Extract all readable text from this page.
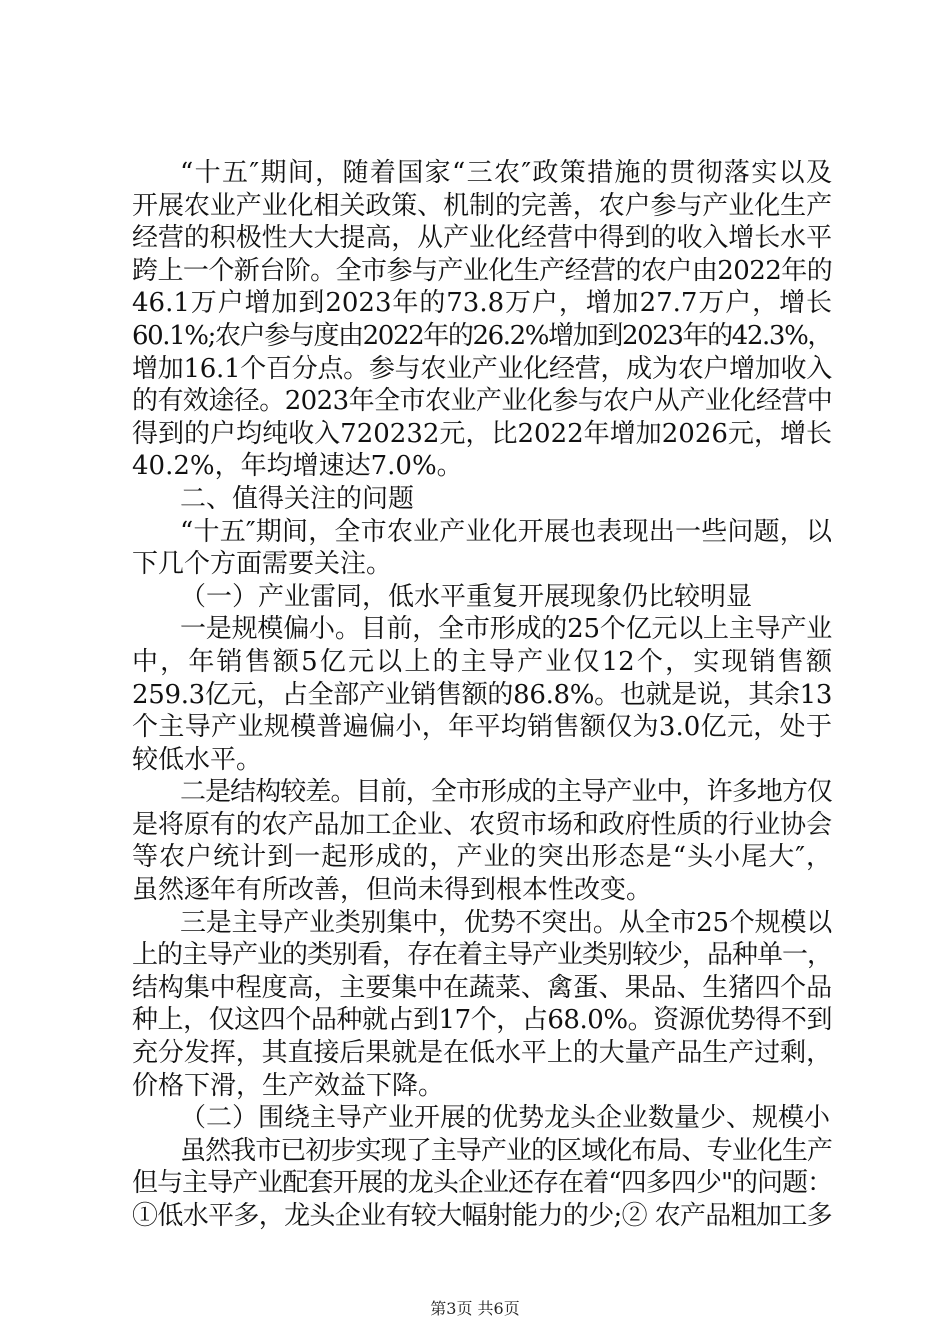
“十五″期间，随着国家“三农″政策措施的贯彻落实以及
开展农业产业化相关政策、机制的完善，农户参与产业化生产
经营的积极性大大提高，从产业化经营中得到的收入增长水平
跨上一个新台阶。全市参与产业化生产经营的农户由2022年的
46.1万户增加到2023年的73.8万户，增加27.7万户，增长
60.1%;农户参与度由2022年的26.2%增加到2023年的42.3%，
增加16.1个百分点。参与农业产业化经营，成为农户增加收入
的有效途径。2023年全市农业产业化参与农户从产业化经营中
得到的户均纯收入720232元，比2022年增加2026元，增长
40.2%，年均增速达7.0%。
二、值得关注的问题
“十五″期间，全市农业产业化开展也表现出一些问题，以
下几个方面需要关注。
（一）产业雷同，低水平重复开展现象仍比较明显
一是规模偏小。目前，全市形成的25个亿元以上主导产业
中，年销售额5亿元以上的主导产业仅12个，实现销售额
259.3亿元，占全部产业销售额的86.8%。也就是说，其余13
个主导产业规模普遍偏小，年平均销售额仅为3.0亿元，处于
较低水平。
二是结构较差。目前，全市形成的主导产业中，许多地方仅
是将原有的农产品加工企业、农贸市场和政府性质的行业协会
等农户统计到一起形成的，产业的突出形态是“头小尾大″，
虽然逐年有所改善，但尚未得到根本性改变。
三是主导产业类别集中，优势不突出。从全市25个规模以
上的主导产业的类别看，存在着主导产业类别较少，品种单一，
结构集中程度高，主要集中在蔬菜、禽蛋、果品、生猪四个品
种上，仅这四个品种就占到17个，占68.0%。资源优势得不到
充分发挥，其直接后果就是在低水平上的大量产品生产过剩，
价格下滑，生产效益下降。
（二）围绕主导产业开展的优势龙头企业数量少、规模小
虽然我市已初步实现了主导产业的区域化布局、专业化生产
但与主导产业配套开展的龙头企业还存在着“四多四少"的问题：
①低水平多，龙头企业有较大幅射能力的少;② 农产品粗加工多
第3页 共6页
